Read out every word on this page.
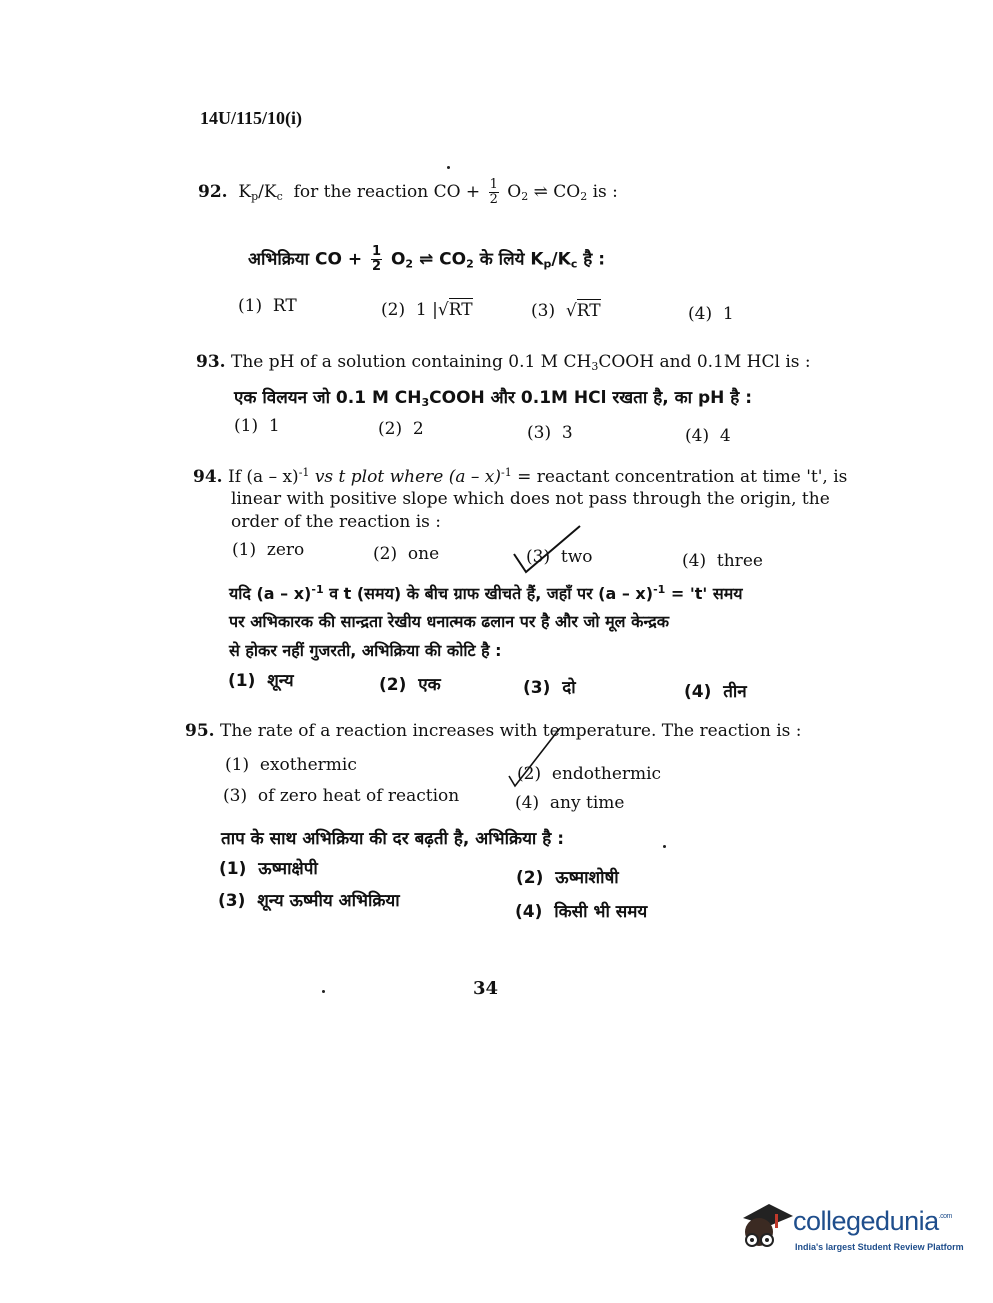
14U/115/10(i)
92. $K_p/K_c$ for the reaction CO + $\frac{1}{2} O_2$ ⇌ $CO_2$ is :
अभिक्रिया CO + $\frac{1}{2} O_2$ ⇌ $CO_2$ के लिये $K_p/K_c$ है :
(1) RT	(2) 1 |√RT	(3) √RT	(4) 1
93. The pH of a solution containing 0.1 M $CH_3COOH$ and 0.1M HCl is :
एक विलयन जो 0.1 M $CH_3COOH$ और 0.1M HCl रखता है, का pH है :
(1) 1	(2) 2	(3) 3	(4) 4
94. If (a – x)$^{-1}$ vs t plot where (a – x)$^{-1}$ = reactant concentration at time 't', is
linear with positive slope which does not pass through the origin, the
order of the reaction is :
(1) zero	(2) one	(3) two	(4) three
यदि (a – x)$^{-1}$ व t (समय) के बीच ग्राफ खीचते हैं, जहाँ पर (a – x)$^{-1}$ = 't' समय
पर अभिकारक की सान्द्रता रेखीय धनात्मक ढलान पर है और जो मूल केन्द्रक
से होकर नहीं गुजरती, अभिक्रिया की कोटि है :
(1) शून्य	(2) एक	(3) दो	(4) तीन
95. The rate of a reaction increases with temperature. The reaction is :
(1) exothermic	(2) endothermic
(3) of zero heat of reaction	(4) any time
ताप के साथ अभिक्रिया की दर बढ़ती है, अभिक्रिया है :
(1) ऊष्माक्षेपी	(2) ऊष्माशोषी
(3) शून्य ऊष्मीय अभिक्रिया
(4) किसी भी समय
34
collegedunia$^{.com}$
India's largest Student Review Platform
